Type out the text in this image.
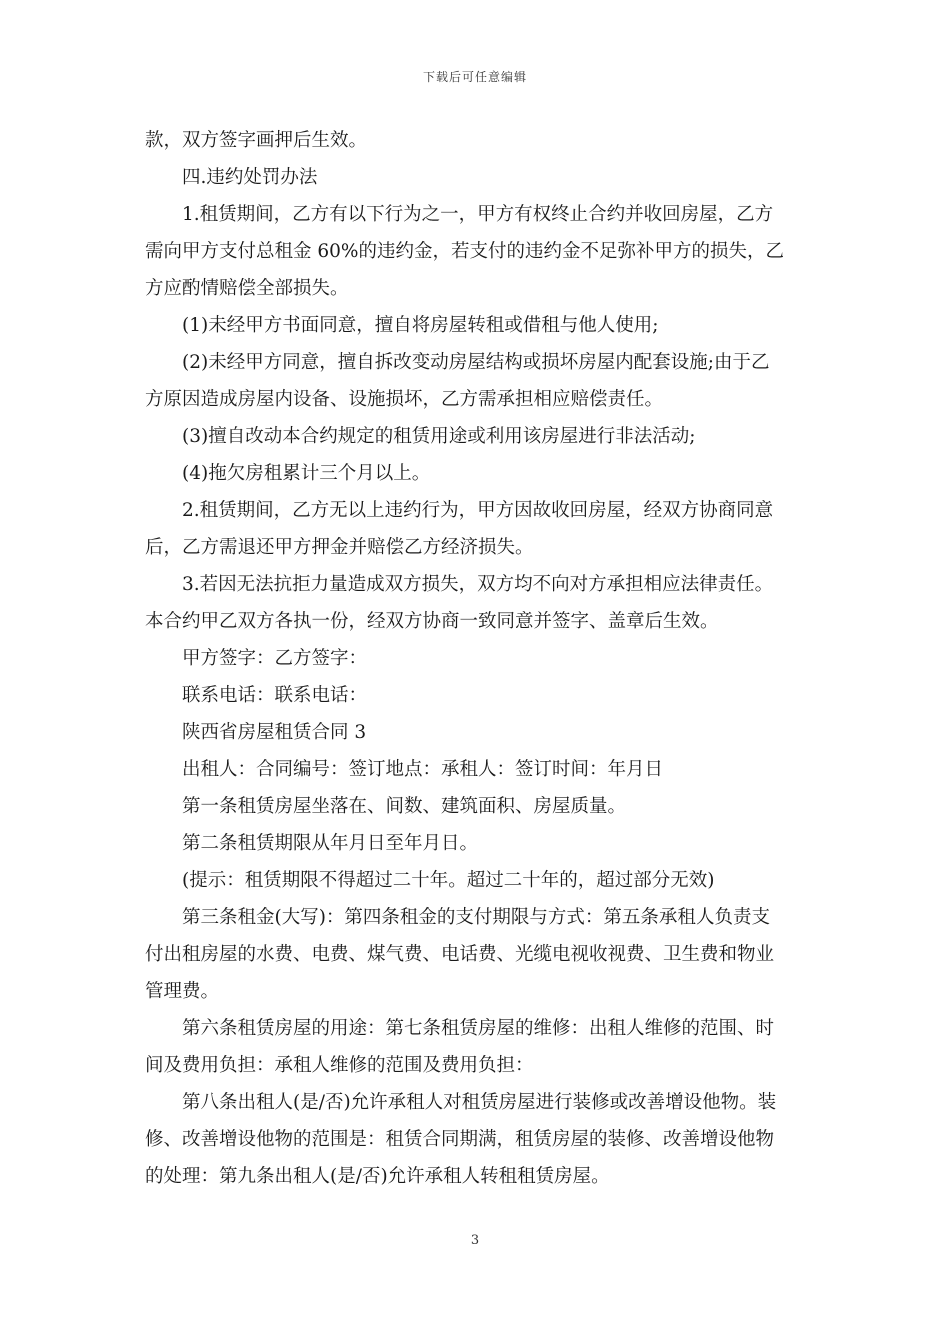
下载后可任意编辑
款，双方签字画押后生效。
四.违约处罚办法
1.租赁期间，乙方有以下行为之一，甲方有权终止合约并收回房屋，乙方
需向甲方支付总租金 60%的违约金，若支付的违约金不足弥补甲方的损失，乙
方应酌情赔偿全部损失。
(1)未经甲方书面同意，擅自将房屋转租或借租与他人使用;
(2)未经甲方同意，擅自拆改变动房屋结构或损坏房屋内配套设施;由于乙
方原因造成房屋内设备、设施损坏，乙方需承担相应赔偿责任。
(3)擅自改动本合约规定的租赁用途或利用该房屋进行非法活动;
(4)拖欠房租累计三个月以上。
2.租赁期间，乙方无以上违约行为，甲方因故收回房屋，经双方协商同意
后，乙方需退还甲方押金并赔偿乙方经济损失。
3.若因无法抗拒力量造成双方损失，双方均不向对方承担相应法律责任。
本合约甲乙双方各执一份，经双方协商一致同意并签字、盖章后生效。
甲方签字：乙方签字：
联系电话：联系电话：
陕西省房屋租赁合同 3
出租人：合同编号：签订地点：承租人：签订时间：年月日
第一条租赁房屋坐落在、间数、建筑面积、房屋质量。
第二条租赁期限从年月日至年月日。
(提示：租赁期限不得超过二十年。超过二十年的，超过部分无效)
第三条租金(大写)：第四条租金的支付期限与方式：第五条承租人负责支
付出租房屋的水费、电费、煤气费、电话费、光缆电视收视费、卫生费和物业
管理费。
第六条租赁房屋的用途：第七条租赁房屋的维修：出租人维修的范围、时
间及费用负担：承租人维修的范围及费用负担：
第八条出租人(是/否)允许承租人对租赁房屋进行装修或改善增设他物。装
修、改善增设他物的范围是：租赁合同期满，租赁房屋的装修、改善增设他物
的处理：第九条出租人(是/否)允许承租人转租租赁房屋。
3
